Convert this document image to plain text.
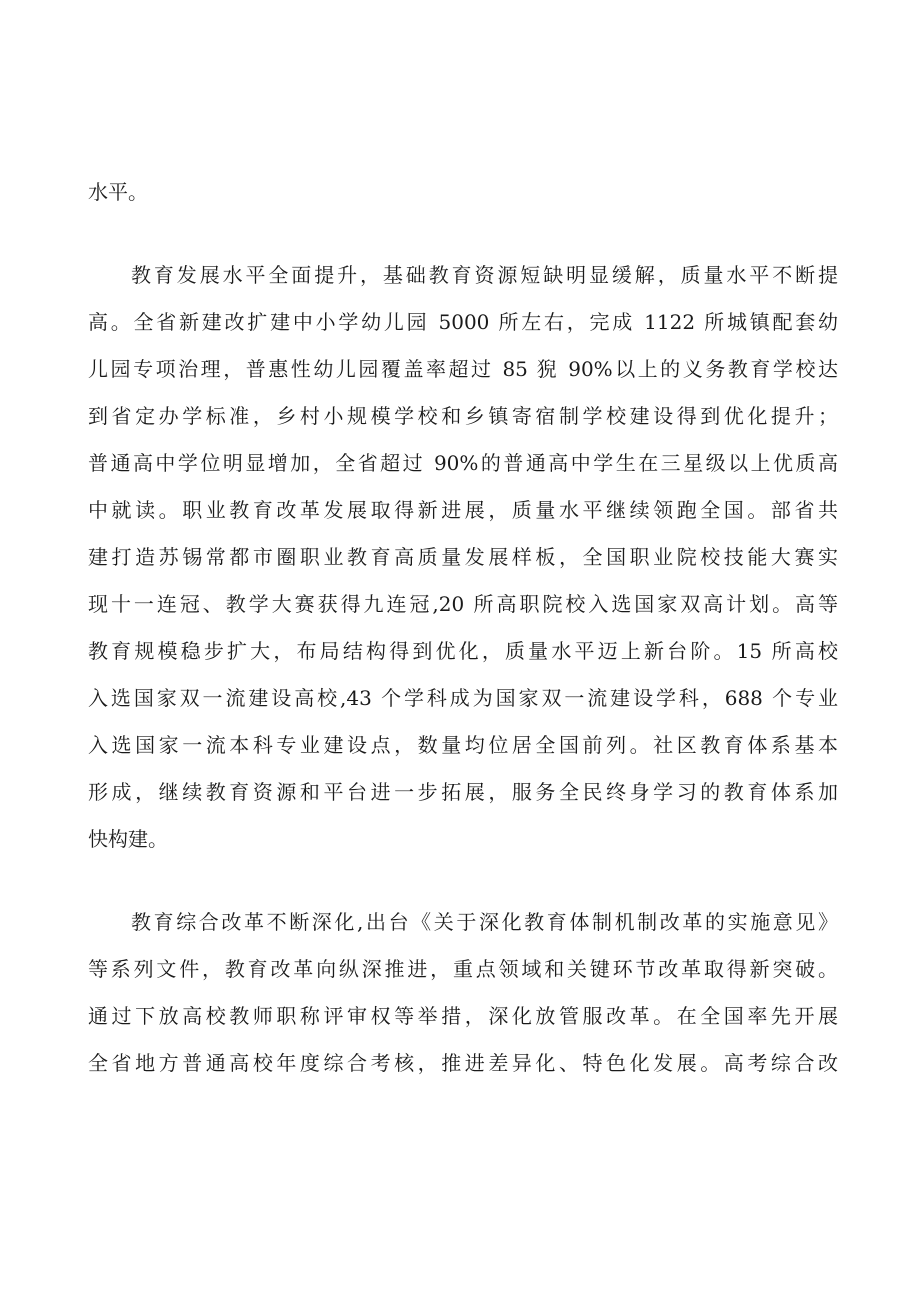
水平。

教育发展水平全面提升，基础教育资源短缺明显缓解，质量水平不断提

高。全省新建改扩建中小学幼儿园 5000 所左右，完成 1122 所城镇配套幼

儿园专项治理，普惠性幼儿园覆盖率超过 85 猊 90%以上的义务教育学校达

到省定办学标准，乡村小规模学校和乡镇寄宿制学校建设得到优化提升；

普通高中学位明显增加，全省超过 90%的普通高中学生在三星级以上优质高

中就读。职业教育改革发展取得新进展，质量水平继续领跑全国。部省共

建打造苏锡常都市圈职业教育高质量发展样板，全国职业院校技能大赛实

现十一连冠、教学大赛获得九连冠,20 所高职院校入选国家双高计划。高等

教育规模稳步扩大，布局结构得到优化，质量水平迈上新台阶。15 所高校

入选国家双一流建设高校,43 个学科成为国家双一流建设学科，688 个专业

入选国家一流本科专业建设点，数量均位居全国前列。社区教育体系基本

形成，继续教育资源和平台进一步拓展，服务全民终身学习的教育体系加

快构建。

教育综合改革不断深化,出台《关于深化教育体制机制改革的实施意见》

等系列文件，教育改革向纵深推进，重点领域和关键环节改革取得新突破。

通过下放高校教师职称评审权等举措，深化放管服改革。在全国率先开展

全省地方普通高校年度综合考核，推进差异化、特色化发展。高考综合改
